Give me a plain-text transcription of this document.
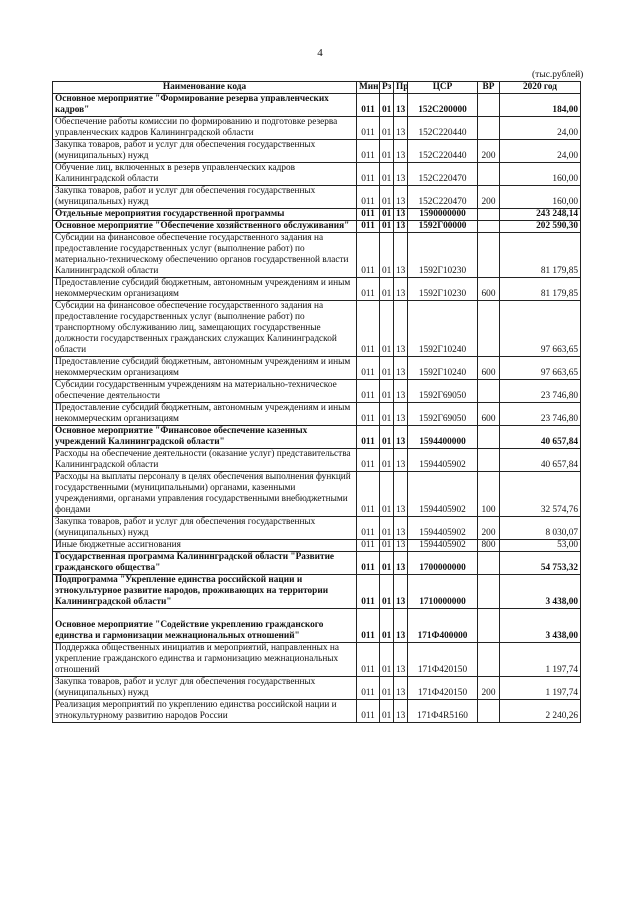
4
(тыс.рублей)
Наименование кода	Мин	Рз	Пр	ЦСР	ВР	2020 год
Основное мероприятие "Формирование резерва управленческих кадров"	011	01	13	152С200000		184,00
Обеспечение работы комиссии по формированию и подготовке резерва управленческих кадров Калининградской области	011	01	13	152С220440		24,00
Закупка товаров, работ и услуг для обеспечения государственных (муниципальных) нужд	011	01	13	152С220440	200	24,00
Обучение лиц, включенных в резерв управленческих кадров Калининградской области	011	01	13	152С220470		160,00
Закупка товаров, работ и услуг для обеспечения государственных (муниципальных) нужд	011	01	13	152С220470	200	160,00
Отдельные мероприятия государственной программы	011	01	13	1590000000		243 248,14
Основное мероприятие "Обеспечение хозяйственного обслуживания"	011	01	13	1592Г00000		202 590,30
Субсидии на финансовое обеспечение государственного задания на предоставление государственных услуг (выполнение работ) по материально-техническому обеспечению органов государственной власти Калининградской области	011	01	13	1592Г10230		81 179,85
Предоставление субсидий бюджетным, автономным учреждениям и иным некоммерческим организациям	011	01	13	1592Г10230	600	81 179,85
Субсидии на финансовое обеспечение государственного задания на предоставление государственных услуг (выполнение работ) по транспортному обслуживанию лиц, замещающих государственные должности государственных гражданских служащих Калининградской области	011	01	13	1592Г10240		97 663,65
Предоставление субсидий бюджетным, автономным учреждениям и иным некоммерческим организациям	011	01	13	1592Г10240	600	97 663,65
Субсидии государственным учреждениям на материально-техническое обеспечение деятельности	011	01	13	1592Г69050		23 746,80
Предоставление субсидий бюджетным, автономным учреждениям и иным некоммерческим организациям	011	01	13	1592Г69050	600	23 746,80
Основное мероприятие "Финансовое обеспечение казенных учреждений Калининградской области"	011	01	13	1594400000		40 657,84
Расходы на обеспечение деятельности (оказание услуг) представительства Калининградской области	011	01	13	1594405902		40 657,84
Расходы на выплаты персоналу в целях обеспечения выполнения функций государственными (муниципальными) органами, казенными учреждениями, органами управления государственными внебюджетными фондами	011	01	13	1594405902	100	32 574,76
Закупка товаров, работ и услуг для обеспечения государственных (муниципальных) нужд	011	01	13	1594405902	200	8 030,07
Иные бюджетные ассигнования	011	01	13	1594405902	800	53,00
Государственная программа Калининградской области "Развитие гражданского общества"	011	01	13	1700000000		54 753,32
Подпрограмма "Укрепление единства российской нации и этнокультурное развитие народов, проживающих на территории Калининградской области"	011	01	13	1710000000		3 438,00
Основное мероприятие "Содействие укреплению гражданского единства и гармонизации межнациональных отношений"	011	01	13	171Ф400000		3 438,00
Поддержка общественных инициатив и мероприятий, направленных на укрепление гражданского единства и гармонизацию межнациональных отношений	011	01	13	171Ф420150		1 197,74
Закупка товаров, работ и услуг для обеспечения государственных (муниципальных) нужд	011	01	13	171Ф420150	200	1 197,74
Реализация мероприятий по укреплению единства российской нации и этнокультурному развитию народов России	011	01	13	171Ф4R5160		2 240,26
